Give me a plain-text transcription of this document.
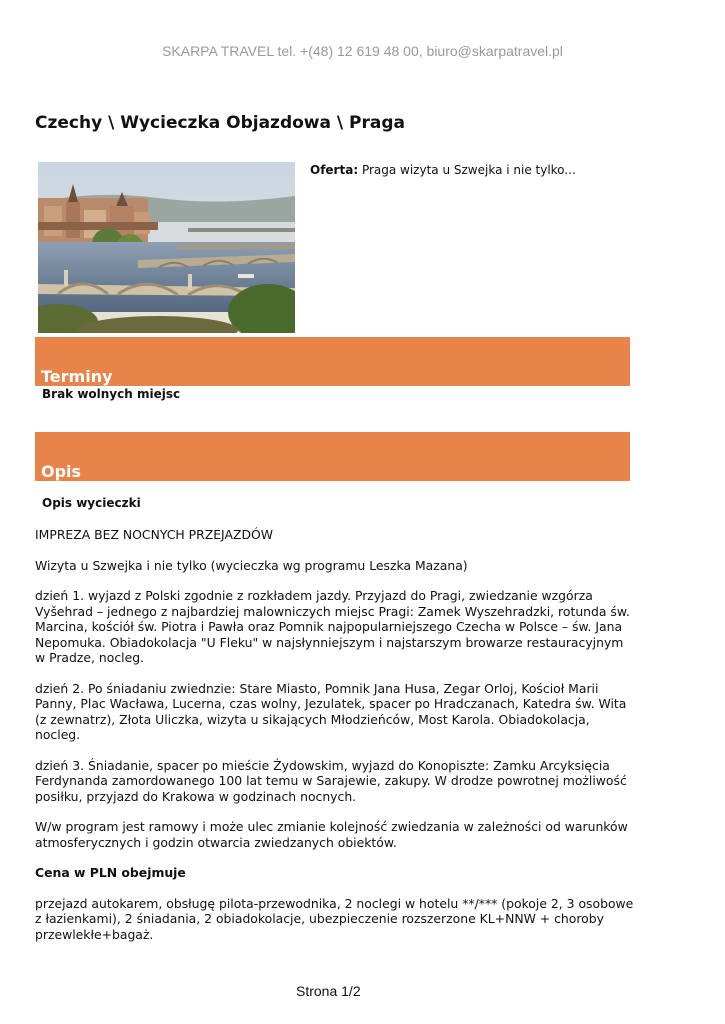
SKARPA TRAVEL tel. +(48) 12 619 48 00, biuro@skarpatravel.pl
Czechy \ Wycieczka Objazdowa \ Praga
Oferta: Praga wizyta u Szwejka i nie tylko...
Terminy
Brak wolnych miejsc
Opis
Opis wycieczki

IMPREZA BEZ NOCNYCH PRZEJAZDÓW

Wizyta u Szwejka i nie tylko (wycieczka wg programu Leszka Mazana)

dzień 1. wyjazd z Polski zgodnie z rozkładem jazdy. Przyjazd do Pragi, zwiedzanie wzgórza Vyšehrad – jednego z najbardziej malowniczych miejsc Pragi: Zamek Wyszehradzki, rotunda św. Marcina, kościół św. Piotra i Pawła oraz Pomnik najpopularniejszego Czecha w Polsce – św. Jana Nepomuka. Obiadokolacja "U Fleku" w najsłynniejszym i najstarszym browarze restauracyjnym w Pradze, nocleg.

dzień 2. Po śniadaniu zwiednzie: Stare Miasto, Pomnik Jana Husa, Zegar Orloj, Kościoł Marii Panny, Plac Wacława, Lucerna, czas wolny, Jezulatek, spacer po Hradczanach, Katedra św. Wita (z zewnatrz), Złota Uliczka, wizyta u sikających Młodzieńców, Most Karola. Obiadokolacja, nocleg.

dzień 3. Śniadanie, spacer po mieście Żydowskim, wyjazd do Konopiszte: Zamku Arcyksięcia Ferdynanda zamordowanego 100 lat temu w Sarajewie, zakupy. W drodze powrotnej możliwość posiłku, przyjazd do Krakowa w godzinach nocnych.

W/w program jest ramowy i może ulec zmianie kolejność zwiedzania w zależności od warunków atmosferycznych i godzin otwarcia zwiedzanych obiektów.

Cena w PLN obejmuje

przejazd autokarem, obsługę pilota-przewodnika, 2 noclegi w hotelu **/*** (pokoje 2, 3 osobowe z łazienkami), 2 śniadania, 2 obiadokolacje, ubezpieczenie rozszerzone KL+NNW + choroby przewlekłe+bagaż.

Strona 1/2
